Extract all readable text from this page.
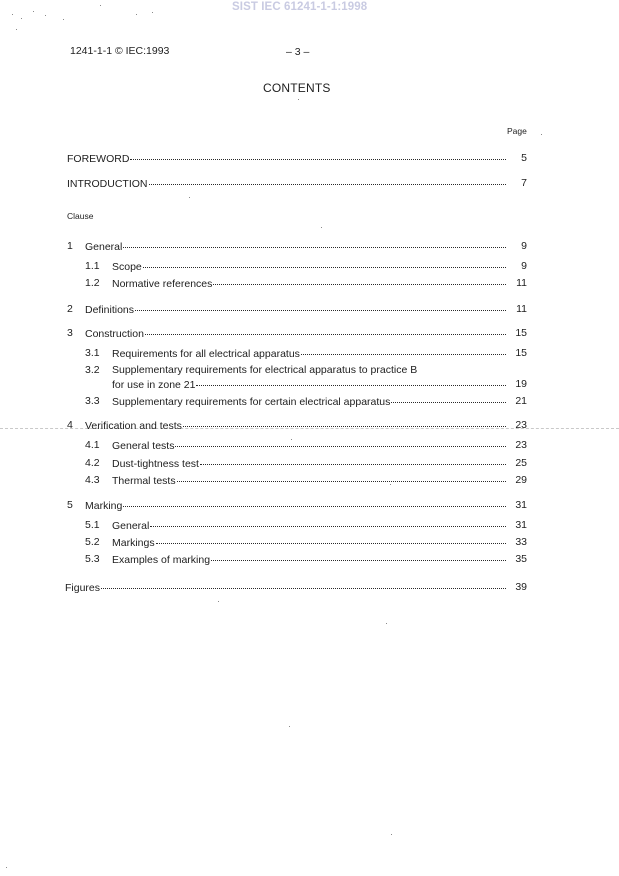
SIST IEC 61241-1-1:1998
1241-1-1 © IEC:1993	– 3 –
CONTENTS
Page
FOREWORD	5
INTRODUCTION	7
Clause
1 General	9
1.1 Scope	9
1.2 Normative references	11
2 Definitions	11
3 Construction	15
3.1 Requirements for all electrical apparatus	15
3.2 Supplementary requirements for electrical apparatus to practice B
for use in zone 21	19
3.3 Supplementary requirements for certain electrical apparatus	21
4 Verification and tests	23
4.1 General tests	23
4.2 Dust-tightness test	25
4.3 Thermal tests	29
5 Marking	31
5.1 General	31
5.2 Markings	33
5.3 Examples of marking	35
Figures	39
